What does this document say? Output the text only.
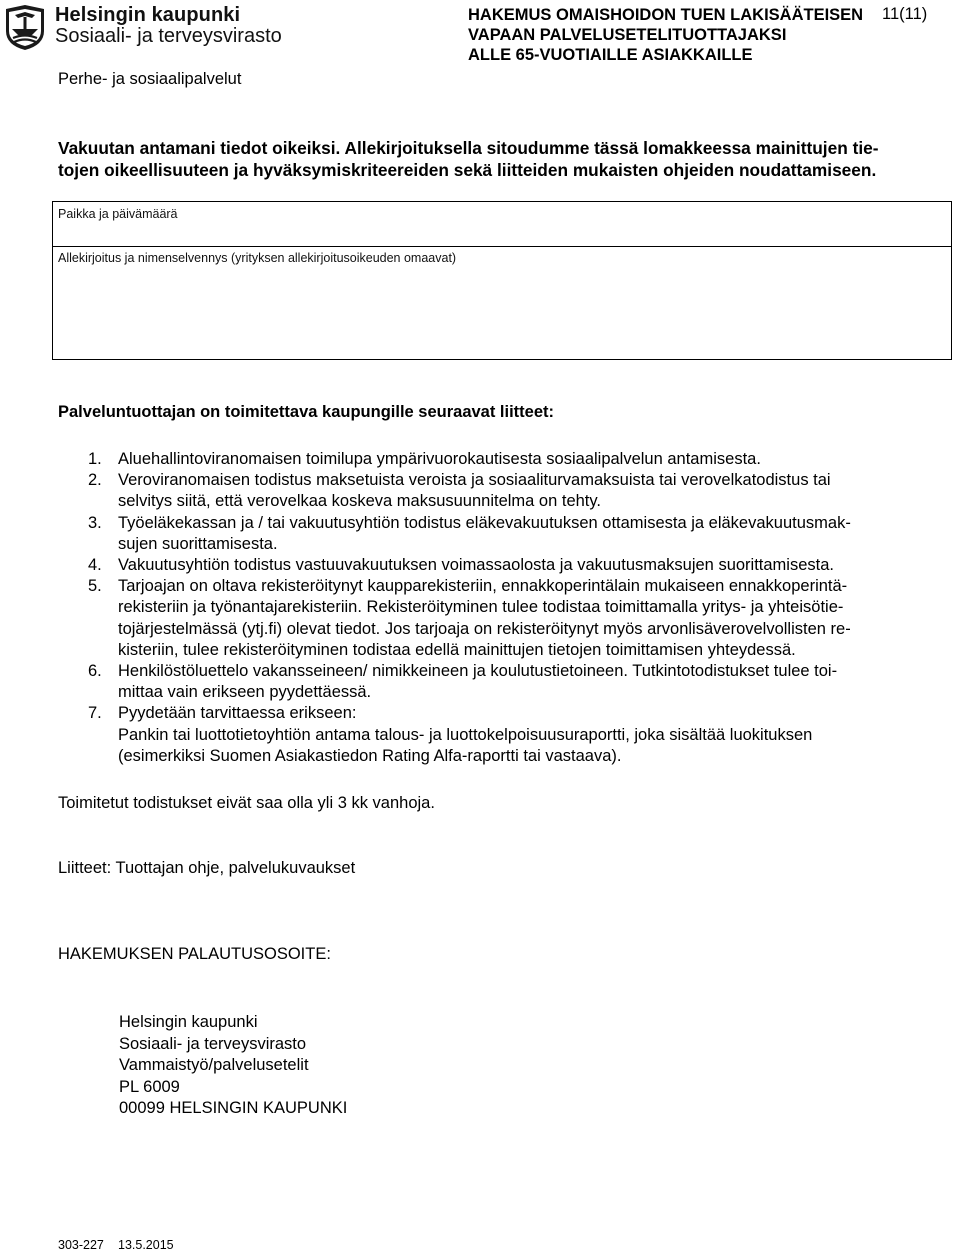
Helsingin kaupunki
Sosiaali- ja terveysvirasto
HAKEMUS OMAISHOIDON TUEN LAKISÄÄTEISEN
VAPAAN PALVELUSETELITUOTTAJAKSI
ALLE 65-VUOTIAILLE ASIAKKAILLE
11(11)
Perhe- ja sosiaalipalvelut
Vakuutan antamani tiedot oikeiksi. Allekirjoituksella sitoudumme tässä lomakkeessa mainittujen tie-
tojen oikeellisuuteen ja hyväksymiskriteereiden sekä liitteiden mukaisten ohjeiden noudattamiseen.
Paikka ja päivämäärä
Allekirjoitus ja nimenselvennys (yrityksen allekirjoitusoikeuden omaavat)
Palveluntuottajan on toimitettava kaupungille seuraavat liitteet:
1. Aluehallintoviranomaisen toimilupa ympärivuorokautisesta sosiaalipalvelun antamisesta.
2. Veroviranomaisen todistus maksetuista veroista ja sosiaaliturvamaksuista tai verovelkatodistus tai
selvitys siitä, että verovelkaa koskeva maksusuunnitelma on tehty.
3. Työeläkekassan ja / tai vakuutusyhtiön todistus eläkevakuutuksen ottamisesta ja eläkevakuutusmak-
sujen suorittamisesta.
4. Vakuutusyhtiön todistus vastuuvakuutuksen voimassaolosta ja vakuutusmaksujen suorittamisesta.
5. Tarjoajan on oltava rekisteröitynyt kaupparekisteriin, ennakkoperintälain mukaiseen ennakkoperintä-
rekisteriin ja työnantajarekisteriin. Rekisteröityminen tulee todistaa toimittamalla yritys- ja yhteisötie-
tojärjestelmässä (ytj.fi) olevat tiedot. Jos tarjoaja on rekisteröitynyt myös arvonlisäverovelvollisten re-
kisteriin, tulee rekisteröityminen todistaa edellä mainittujen tietojen toimittamisen yhteydessä.
6. Henkilöstöluettelo vakansseineen/ nimikkeineen ja koulutustietoineen. Tutkintotodistukset tulee toi-
mittaa vain erikseen pyydettäessä.
7. Pyydetään tarvittaessa erikseen:
Pankin tai luottotietoyhtiön antama talous- ja luottokelpoisuusuraportti, joka sisältää luokituksen
(esimerkiksi Suomen Asiakastiedon Rating Alfa-raportti tai vastaava).
Toimitetut todistukset eivät saa olla yli 3 kk vanhoja.
Liitteet: Tuottajan ohje, palvelukuvaukset
HAKEMUKSEN PALAUTUSOSOITE:
Helsingin kaupunki
Sosiaali- ja terveysvirasto
Vammaistyö/palvelusetelit
PL 6009
00099 HELSINGIN KAUPUNKI
303-227 13.5.2015
